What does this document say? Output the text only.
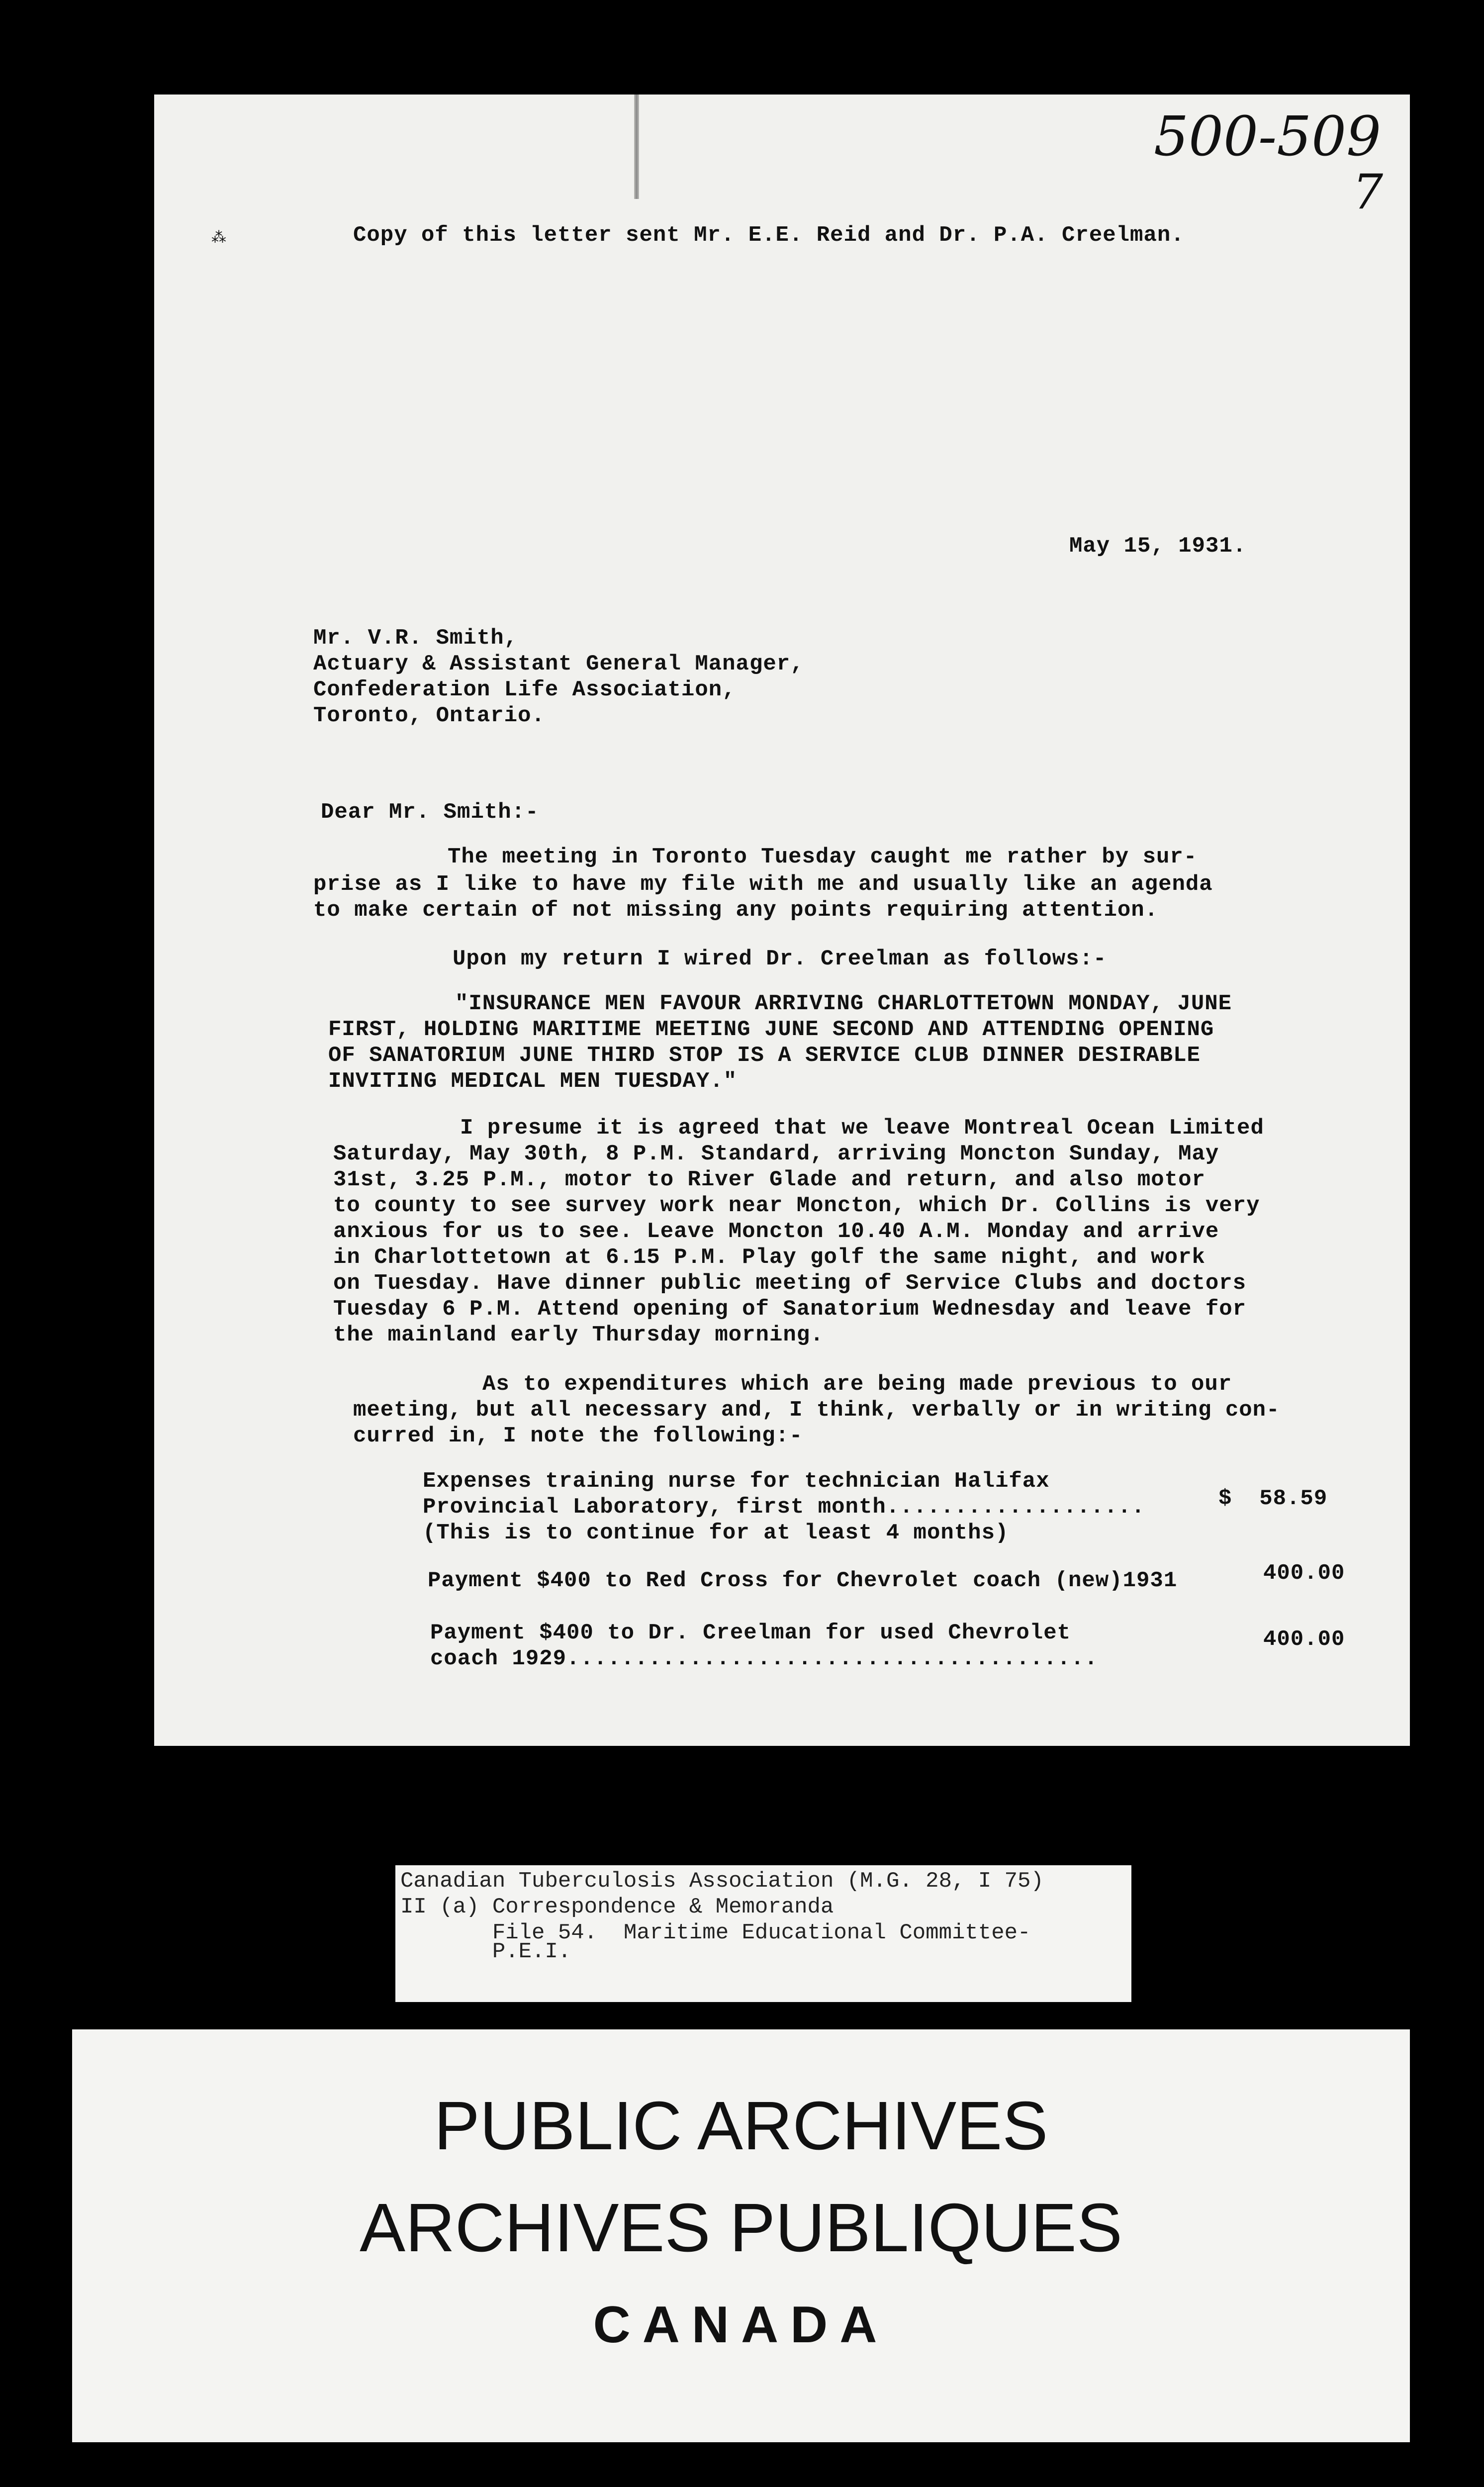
⁂
500-509
7
Copy of this letter sent Mr. E.E. Reid and Dr. P.A. Creelman.
May 15, 1931.
Mr. V.R. Smith,
Actuary & Assistant General Manager,
Confederation Life Association,
Toronto, Ontario.
Dear Mr. Smith:-
The meeting in Toronto Tuesday caught me rather by sur-
prise as I like to have my file with me and usually like an agenda
to make certain of not missing any points requiring attention.
Upon my return I wired Dr. Creelman as follows:-
"INSURANCE MEN FAVOUR ARRIVING CHARLOTTETOWN MONDAY, JUNE
FIRST, HOLDING MARITIME MEETING JUNE SECOND AND ATTENDING OPENING
OF SANATORIUM JUNE THIRD STOP IS A SERVICE CLUB DINNER DESIRABLE
INVITING MEDICAL MEN TUESDAY."
I presume it is agreed that we leave Montreal Ocean Limited
Saturday, May 30th, 8 P.M. Standard, arriving Moncton Sunday, May
31st, 3.25 P.M., motor to River Glade and return, and also motor
to county to see survey work near Moncton, which Dr. Collins is very
anxious for us to see. Leave Moncton 10.40 A.M. Monday and arrive
in Charlottetown at 6.15 P.M. Play golf the same night, and work
on Tuesday. Have dinner public meeting of Service Clubs and doctors
Tuesday 6 P.M. Attend opening of Sanatorium Wednesday and leave for
the mainland early Thursday morning.
As to expenditures which are being made previous to our
meeting, but all necessary and, I think, verbally or in writing con-
curred in, I note the following:-
Expenses training nurse for technician Halifax
Provincial Laboratory, first month...................	$  58.59
(This is to continue for at least 4 months)
Payment $400 to Red Cross for Chevrolet coach (new)1931	400.00
Payment $400 to Dr. Creelman for used Chevrolet
coach 1929.......................................
400.00
Canadian Tuberculosis Association (M.G. 28, I 75)
II (a) Correspondence & Memoranda
File 54.  Maritime Educational Committee-
P.E.I.
PUBLIC ARCHIVES
ARCHIVES PUBLIQUES
CANADA
